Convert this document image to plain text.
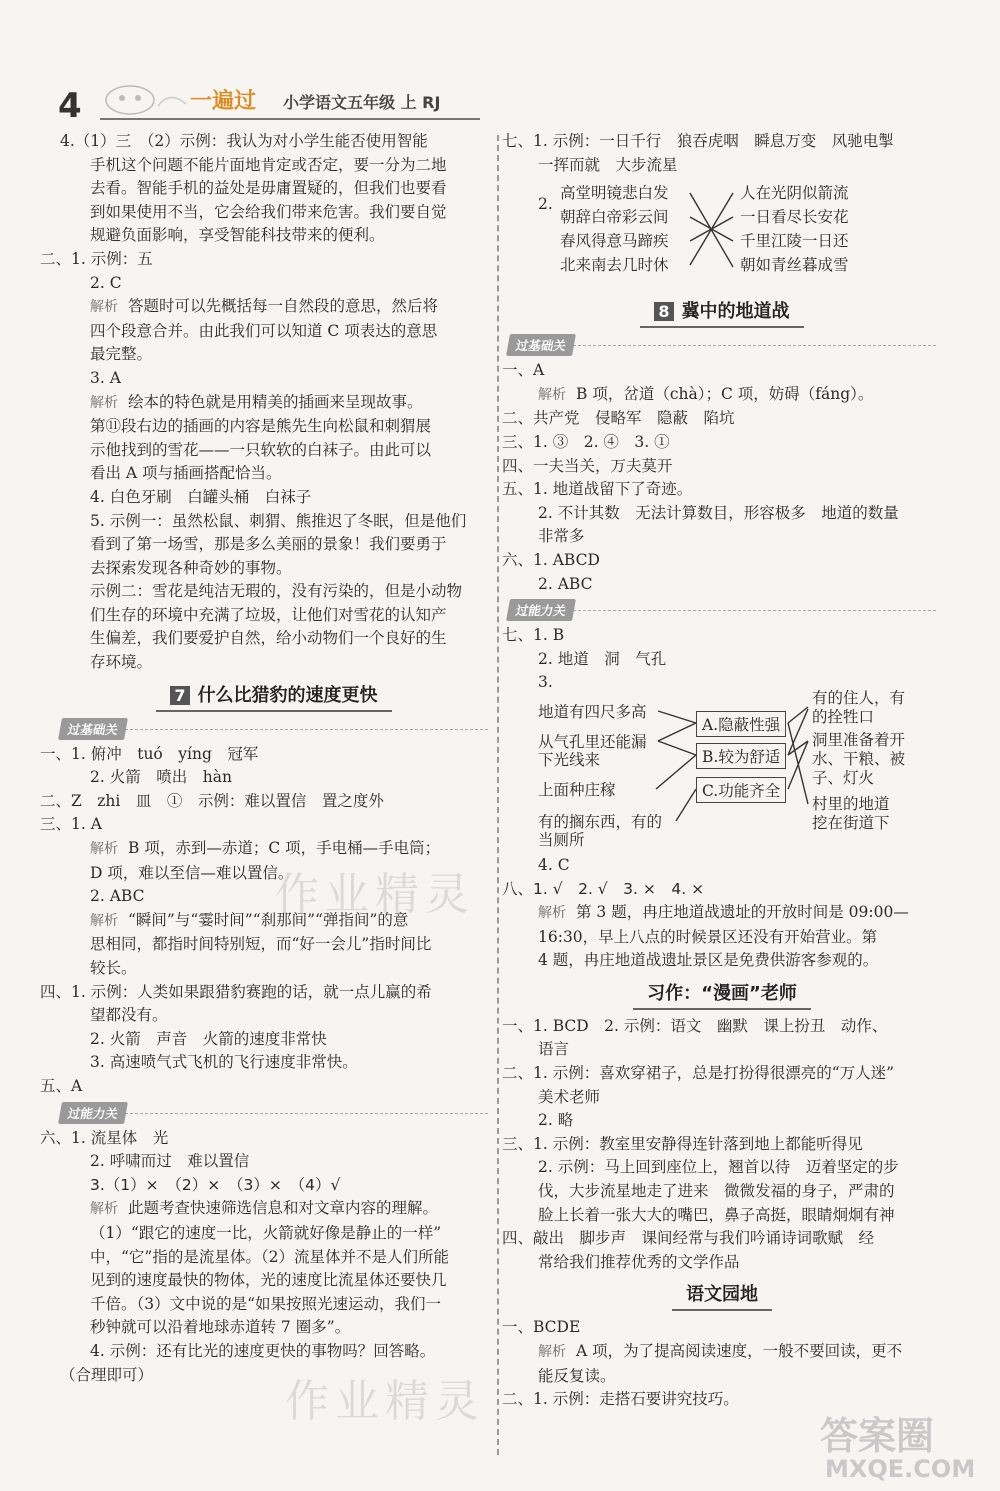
4	一遍过 小学语文五年级 上 RJ
4.（1）三　（2）示例：我认为对小学生能否使用智能
手机这个问题不能片面地肯定或否定，要一分为二地
去看。智能手机的益处是毋庸置疑的，但我们也要看
到如果使用不当，它会给我们带来危害。我们要自觉
规避负面影响，享受智能科技带来的便利。
二、1. 示例：五
2. C
解析 答题时可以先概括每一自然段的意思，然后将
四个段意合并。由此我们可以知道 C 项表达的意思
最完整。
3. A
解析 绘本的特色就是用精美的插画来呈现故事。
第⑪段右边的插画的内容是熊先生向松鼠和刺猬展
示他找到的雪花——一只软软的白袜子。由此可以
看出 A 项与插画搭配恰当。
4. 白色牙刷　白罐头桶　白袜子
5. 示例一：虽然松鼠、刺猬、熊推迟了冬眠，但是他们
看到了第一场雪，那是多么美丽的景象！我们要勇于
去探索发现各种奇妙的事物。
示例二：雪花是纯洁无瑕的，没有污染的，但是小动物
们生存的环境中充满了垃圾，让他们对雪花的认知产
生偏差，我们要爱护自然，给小动物们一个良好的生
存环境。
7 什么比猎豹的速度更快
过基础关
一、1. 俯冲　tuó　yíng　冠军
2. 火箭　喷出　hàn
二、Z　zhi　皿　①　示例：难以置信　置之度外
三、1. A
解析 B 项，赤到—赤道；C 项，手电桶—手电筒；
D 项，难以至信—难以置信。
2. ABC
解析 “瞬间”与“霎时间”“刹那间”“弹指间”的意
思相同，都指时间特别短，而“好一会儿”指时间比
较长。
四、1. 示例：人类如果跟猎豹赛跑的话，就一点儿赢的希
望都没有。
2. 火箭　声音　火箭的速度非常快
3. 高速喷气式飞机的飞行速度非常快。
五、A
过能力关
六、1. 流星体　光
2. 呼啸而过　难以置信
3.（1）×　（2）×　（3）×　（4）√
解析 此题考查快速筛选信息和对文章内容的理解。
（1）“跟它的速度一比，火箭就好像是静止的一样”
中，“它”指的是流星体。（2）流星体并不是人们所能
见到的速度最快的物体，光的速度比流星体还要快几
千倍。（3）文中说的是“如果按照光速运动，我们一
秒钟就可以沿着地球赤道转 7 圈多”。
4. 示例：还有比光的速度更快的事物吗？回答略。
（合理即可）
七、1. 示例：一日千行　狼吞虎咽　瞬息万变　风驰电掣
一挥而就　大步流星
2.
高堂明镜悲白发
朝辞白帝彩云间
春风得意马蹄疾
北来南去几时休
人在光阴似箭流
一日看尽长安花
千里江陵一日还
朝如青丝暮成雪
8 冀中的地道战
过基础关
一、A
解析 B 项，岔道（chà）；C 项，妨碍（fáng）。
二、共产党　侵略军　隐蔽　陷坑
三、1. ③　2. ④　3. ①
四、一夫当关，万夫莫开
五、1. 地道战留下了奇迹。
2. 不计其数　无法计算数目，形容极多　地道的数量
非常多
六、1. ABCD
2. ABC
过能力关
七、1. B
2. 地道　洞　气孔
3.
地道有四尺多高
从气孔里还能漏
下光线来
上面种庄稼
有的搁东西，有的
当厕所
A.隐蔽性强
B.较为舒适
C.功能齐全
有的住人，有
的拴牲口
洞里准备着开
水、干粮、被
子、灯火
村里的地道
挖在街道下
4. C
八、1. √　2. √　3. ×　4. ×
解析 第 3 题，冉庄地道战遗址的开放时间是 09:00—
16:30，早上八点的时候景区还没有开始营业。第
4 题，冉庄地道战遗址景区是免费供游客参观的。
习作：“漫画”老师
一、1. BCD　2. 示例：语文　幽默　课上扮丑　动作、
语言
二、1. 示例：喜欢穿裙子，总是打扮得很漂亮的“万人迷”
美术老师
2. 略
三、1. 示例：教室里安静得连针落到地上都能听得见
2. 示例：马上回到座位上，翘首以待　迈着坚定的步
伐，大步流星地走了进来　微微发福的身子，严肃的
脸上长着一张大大的嘴巴，鼻子高挺，眼睛炯炯有神
四、敲出　脚步声　课间经常与我们吟诵诗词歌赋　经
常给我们推荐优秀的文学作品
语文园地
一、BCDE
解析 A 项，为了提高阅读速度，一般不要回读，更不
能反复读。
二、1. 示例：走搭石要讲究技巧。
作业精灵
作业精灵
答案圈
MXQE.COM
